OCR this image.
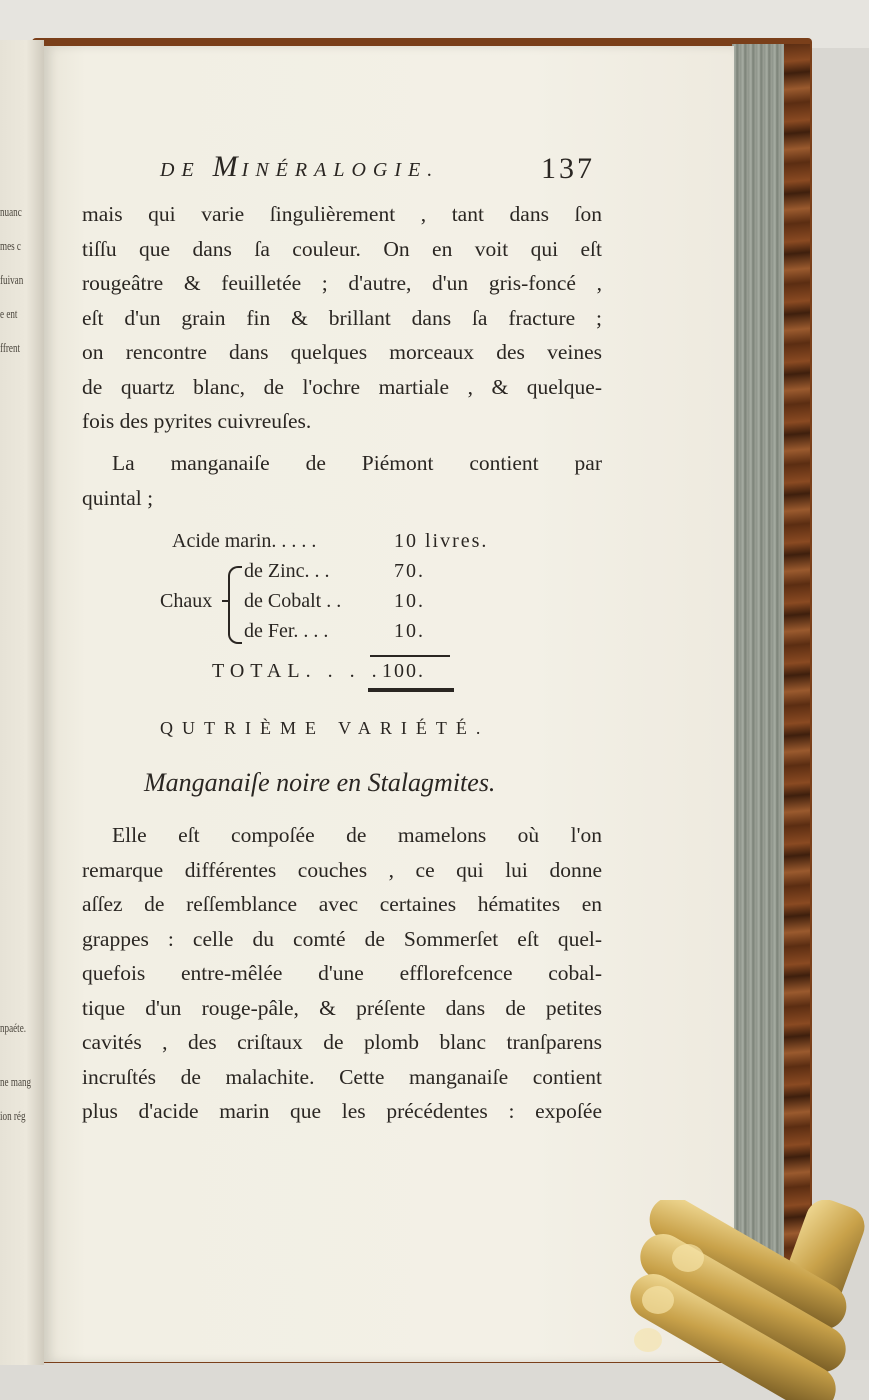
nuanc
mes c
fuivan
e ent
ffrent
npaéte.
ne mang
ion rég
DE MINÉRALOGIE.	137
mais qui varie ſingulièrement , tant dans ſon
tiſſu que dans ſa couleur. On en voit qui eſt
rougeâtre & feuilletée ; d'autre, d'un gris-foncé ,
eſt d'un grain fin & brillant dans ſa fracture ;
on rencontre dans quelques morceaux des veines
de quartz blanc, de l'ochre martiale , & quelque-
fois des pyrites cuivreuſes.
La manganaiſe de Piémont contient par
quintal ;
Acide marin. . . . .	10 livres.
Chaux
de Zinc. . .	70.
de Cobalt . .	10.
de Fer. . . .	10.
TOTAL. . . . 100.
QUTRIÈME VARIÉTÉ.
Manganaiſe noire en Stalagmites.
Elle eſt compoſée de mamelons où l'on
remarque différentes couches , ce qui lui donne
aſſez de reſſemblance avec certaines hématites en
grappes : celle du comté de Sommerſet eſt quel-
quefois entre-mêlée d'une efflorefcence cobal-
tique d'un rouge-pâle, & préſente dans de petites
cavités , des criſtaux de plomb blanc tranſparens
incruſtés de malachite. Cette manganaiſe contient
plus d'acide marin que les précédentes : expoſée
